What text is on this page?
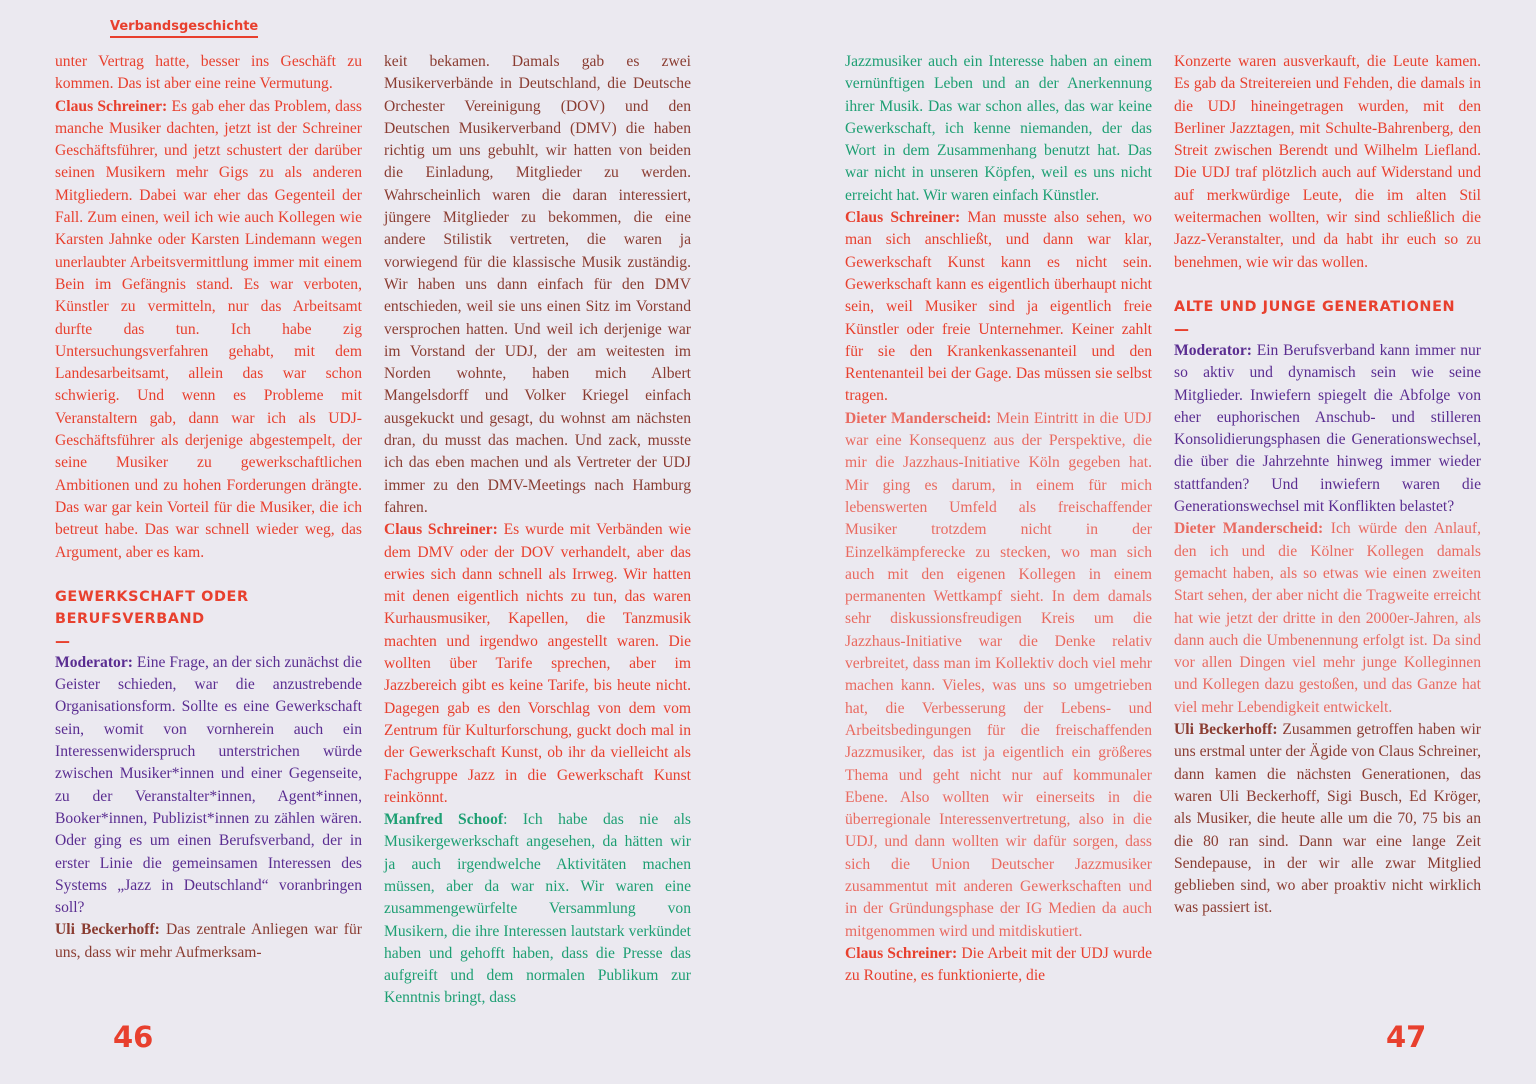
Verbandsgeschichte

unter Vertrag hatte, besser ins Geschäft zu kommen. Das ist aber eine reine Vermutung.

Claus Schreiner: Es gab eher das Problem, dass manche Musiker dachten, jetzt ist der Schreiner Geschäftsführer, und jetzt schustert der darüber seinen Musikern mehr Gigs zu als anderen Mitgliedern. Dabei war eher das Gegenteil der Fall. Zum einen, weil ich wie auch Kollegen wie Karsten Jahnke oder Karsten Lindemann wegen unerlaubter Arbeitsvermittlung immer mit einem Bein im Gefängnis stand. Es war verboten, Künstler zu vermitteln, nur das Arbeitsamt durfte das tun. Ich habe zig Untersuchungsverfahren gehabt, mit dem Landesarbeitsamt, allein das war schon schwierig. Und wenn es Probleme mit Veranstaltern gab, dann war ich als UDJ-Geschäftsführer als derjenige abgestempelt, der seine Musiker zu gewerkschaftlichen Ambitionen und zu hohen Forderungen drängte. Das war gar kein Vorteil für die Musiker, die ich betreut habe. Das war schnell wieder weg, das Argument, aber es kam.

GEWERKSCHAFT ODER BERUFSVERBAND
—

Moderator: Eine Frage, an der sich zunächst die Geister schieden, war die anzustrebende Organisationsform. Sollte es eine Gewerkschaft sein, womit von vornherein auch ein Interessenwiderspruch unterstrichen würde zwischen Musiker*innen und einer Gegenseite, zu der Veranstalter*innen, Agent*innen, Booker*innen, Publizist*innen zu zählen wären. Oder ging es um einen Berufsverband, der in erster Linie die gemeinsamen Interessen des Systems „Jazz in Deutschland“ voranbringen soll?

Uli Beckerhoff: Das zentrale Anliegen war für uns, dass wir mehr Aufmerksam-

keit bekamen. Damals gab es zwei Musikerverbände in Deutschland, die Deutsche Orchester Vereinigung (DOV) und den Deutschen Musikerverband (DMV) die haben richtig um uns gebuhlt, wir hatten von beiden die Einladung, Mitglieder zu werden. Wahrscheinlich waren die daran interessiert, jüngere Mitglieder zu bekommen, die eine andere Stilistik vertreten, die waren ja vorwiegend für die klassische Musik zuständig. Wir haben uns dann einfach für den DMV entschieden, weil sie uns einen Sitz im Vorstand versprochen hatten. Und weil ich derjenige war im Vorstand der UDJ, der am weitesten im Norden wohnte, haben mich Albert Mangelsdorff und Volker Kriegel einfach ausgekuckt und gesagt, du wohnst am nächsten dran, du musst das machen. Und zack, musste ich das eben machen und als Vertreter der UDJ immer zu den DMV-Meetings nach Hamburg fahren.

Claus Schreiner: Es wurde mit Verbänden wie dem DMV oder der DOV verhandelt, aber das erwies sich dann schnell als Irrweg. Wir hatten mit denen eigentlich nichts zu tun, das waren Kurhausmusiker, Kapellen, die Tanzmusik machten und irgendwo angestellt waren. Die wollten über Tarife sprechen, aber im Jazzbereich gibt es keine Tarife, bis heute nicht. Dagegen gab es den Vorschlag von dem vom Zentrum für Kulturforschung, guckt doch mal in der Gewerkschaft Kunst, ob ihr da vielleicht als Fachgruppe Jazz in die Gewerkschaft Kunst reinkönnt.

Manfred Schoof: Ich habe das nie als Musikergewerkschaft angesehen, da hätten wir ja auch irgendwelche Aktivitäten machen müssen, aber da war nix. Wir waren eine zusammengewürfelte Versammlung von Musikern, die ihre Interessen lautstark verkündet haben und gehofft haben, dass die Presse das aufgreift und dem normalen Publikum zur Kenntnis bringt, dass

Jazzmusiker auch ein Interesse haben an einem vernünftigen Leben und an der Anerkennung ihrer Musik. Das war schon alles, das war keine Gewerkschaft, ich kenne niemanden, der das Wort in dem Zusammenhang benutzt hat. Das war nicht in unseren Köpfen, weil es uns nicht erreicht hat. Wir waren einfach Künstler.

Claus Schreiner: Man musste also sehen, wo man sich anschließt, und dann war klar, Gewerkschaft Kunst kann es nicht sein. Gewerkschaft kann es eigentlich überhaupt nicht sein, weil Musiker sind ja eigentlich freie Künstler oder freie Unternehmer. Keiner zahlt für sie den Krankenkassenanteil und den Rentenanteil bei der Gage. Das müssen sie selbst tragen.

Dieter Manderscheid: Mein Eintritt in die UDJ war eine Konsequenz aus der Perspektive, die mir die Jazzhaus-Initiative Köln gegeben hat. Mir ging es darum, in einem für mich lebenswerten Umfeld als freischaffender Musiker trotzdem nicht in der Einzelkämpferecke zu stecken, wo man sich auch mit den eigenen Kollegen in einem permanenten Wettkampf sieht. In dem damals sehr diskussionsfreudigen Kreis um die Jazzhaus-Initiative war die Denke relativ verbreitet, dass man im Kollektiv doch viel mehr machen kann. Vieles, was uns so umgetrieben hat, die Verbesserung der Lebens- und Arbeitsbedingungen für die freischaffenden Jazzmusiker, das ist ja eigentlich ein größeres Thema und geht nicht nur auf kommunaler Ebene. Also wollten wir einerseits in die überregionale Interessenvertretung, also in die UDJ, und dann wollten wir dafür sorgen, dass sich die Union Deutscher Jazzmusiker zusammentut mit anderen Gewerkschaften und in der Gründungsphase der IG Medien da auch mitgenommen wird und mitdiskutiert.

Claus Schreiner: Die Arbeit mit der UDJ wurde zu Routine, es funktionierte, die

Konzerte waren ausverkauft, die Leute kamen. Es gab da Streitereien und Fehden, die damals in die UDJ hineingetragen wurden, mit den Berliner Jazztagen, mit Schulte-Bahrenberg, den Streit zwischen Berendt und Wilhelm Liefland. Die UDJ traf plötzlich auch auf Widerstand und auf merkwürdige Leute, die im alten Stil weitermachen wollten, wir sind schließlich die Jazz-Veranstalter, und da habt ihr euch so zu benehmen, wie wir das wollen.

ALTE UND JUNGE GENERATIONEN
—

Moderator: Ein Berufsverband kann immer nur so aktiv und dynamisch sein wie seine Mitglieder. Inwiefern spiegelt die Abfolge von eher euphorischen Anschub- und stilleren Konsolidierungsphasen die Generationswechsel, die über die Jahrzehnte hinweg immer wieder stattfanden? Und inwiefern waren die Generationswechsel mit Konflikten belastet?

Dieter Manderscheid: Ich würde den Anlauf, den ich und die Kölner Kollegen damals gemacht haben, als so etwas wie einen zweiten Start sehen, der aber nicht die Tragweite erreicht hat wie jetzt der dritte in den 2000er-Jahren, als dann auch die Umbenennung erfolgt ist. Da sind vor allen Dingen viel mehr junge Kolleginnen und Kollegen dazu gestoßen, und das Ganze hat viel mehr Lebendigkeit entwickelt.

Uli Beckerhoff: Zusammen getroffen haben wir uns erstmal unter der Ägide von Claus Schreiner, dann kamen die nächsten Generationen, das waren Uli Beckerhoff, Sigi Busch, Ed Kröger, als Musiker, die heute alle um die 70, 75 bis an die 80 ran sind. Dann war eine lange Zeit Sendepause, in der wir alle zwar Mitglied geblieben sind, wo aber proaktiv nicht wirklich was passiert ist.

46	47
